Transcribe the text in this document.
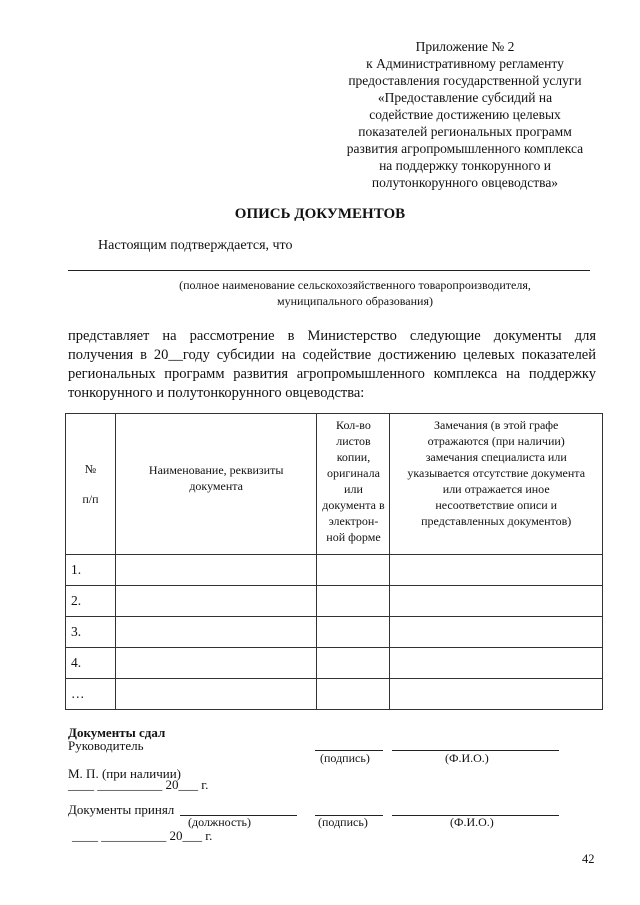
Приложение № 2
к Административному регламенту
предоставления государственной услуги
«Предоставление субсидий на
содействие достижению целевых
показателей региональных программ
развития агропромышленного комплекса
на поддержку тонкорунного и
полутонкорунного овцеводства»
ОПИСЬ ДОКУМЕНТОВ
Настоящим подтверждается, что
(полное наименование сельскохозяйственного товаропроизводителя,
муниципального образования)
представляет на рассмотрение в Министерство следующие документы для получения в 20__году субсидии на содействие достижению целевых показателей региональных программ развития агропромышленного комплекса на поддержку тонкорунного и полутонкорунного овцеводства:
№
п/п	Наименование, реквизиты документа	Кол-во листов копии, оригинала или документа в электрон-ной форме	Замечания (в этой графе отражаются (при наличии) замечания специалиста или указывается отсутствие документа или отражается иное несоответствие описи и представленных документов)
1.			
2.			
3.			
4.			
…			
Документы сдал
Руководитель
(подпись)	(Ф.И.О.)
М. П. (при наличии)
____ __________ 20___ г.
Документы принял
(должность)	(подпись)	(Ф.И.О.)
____ __________ 20___ г.
42
